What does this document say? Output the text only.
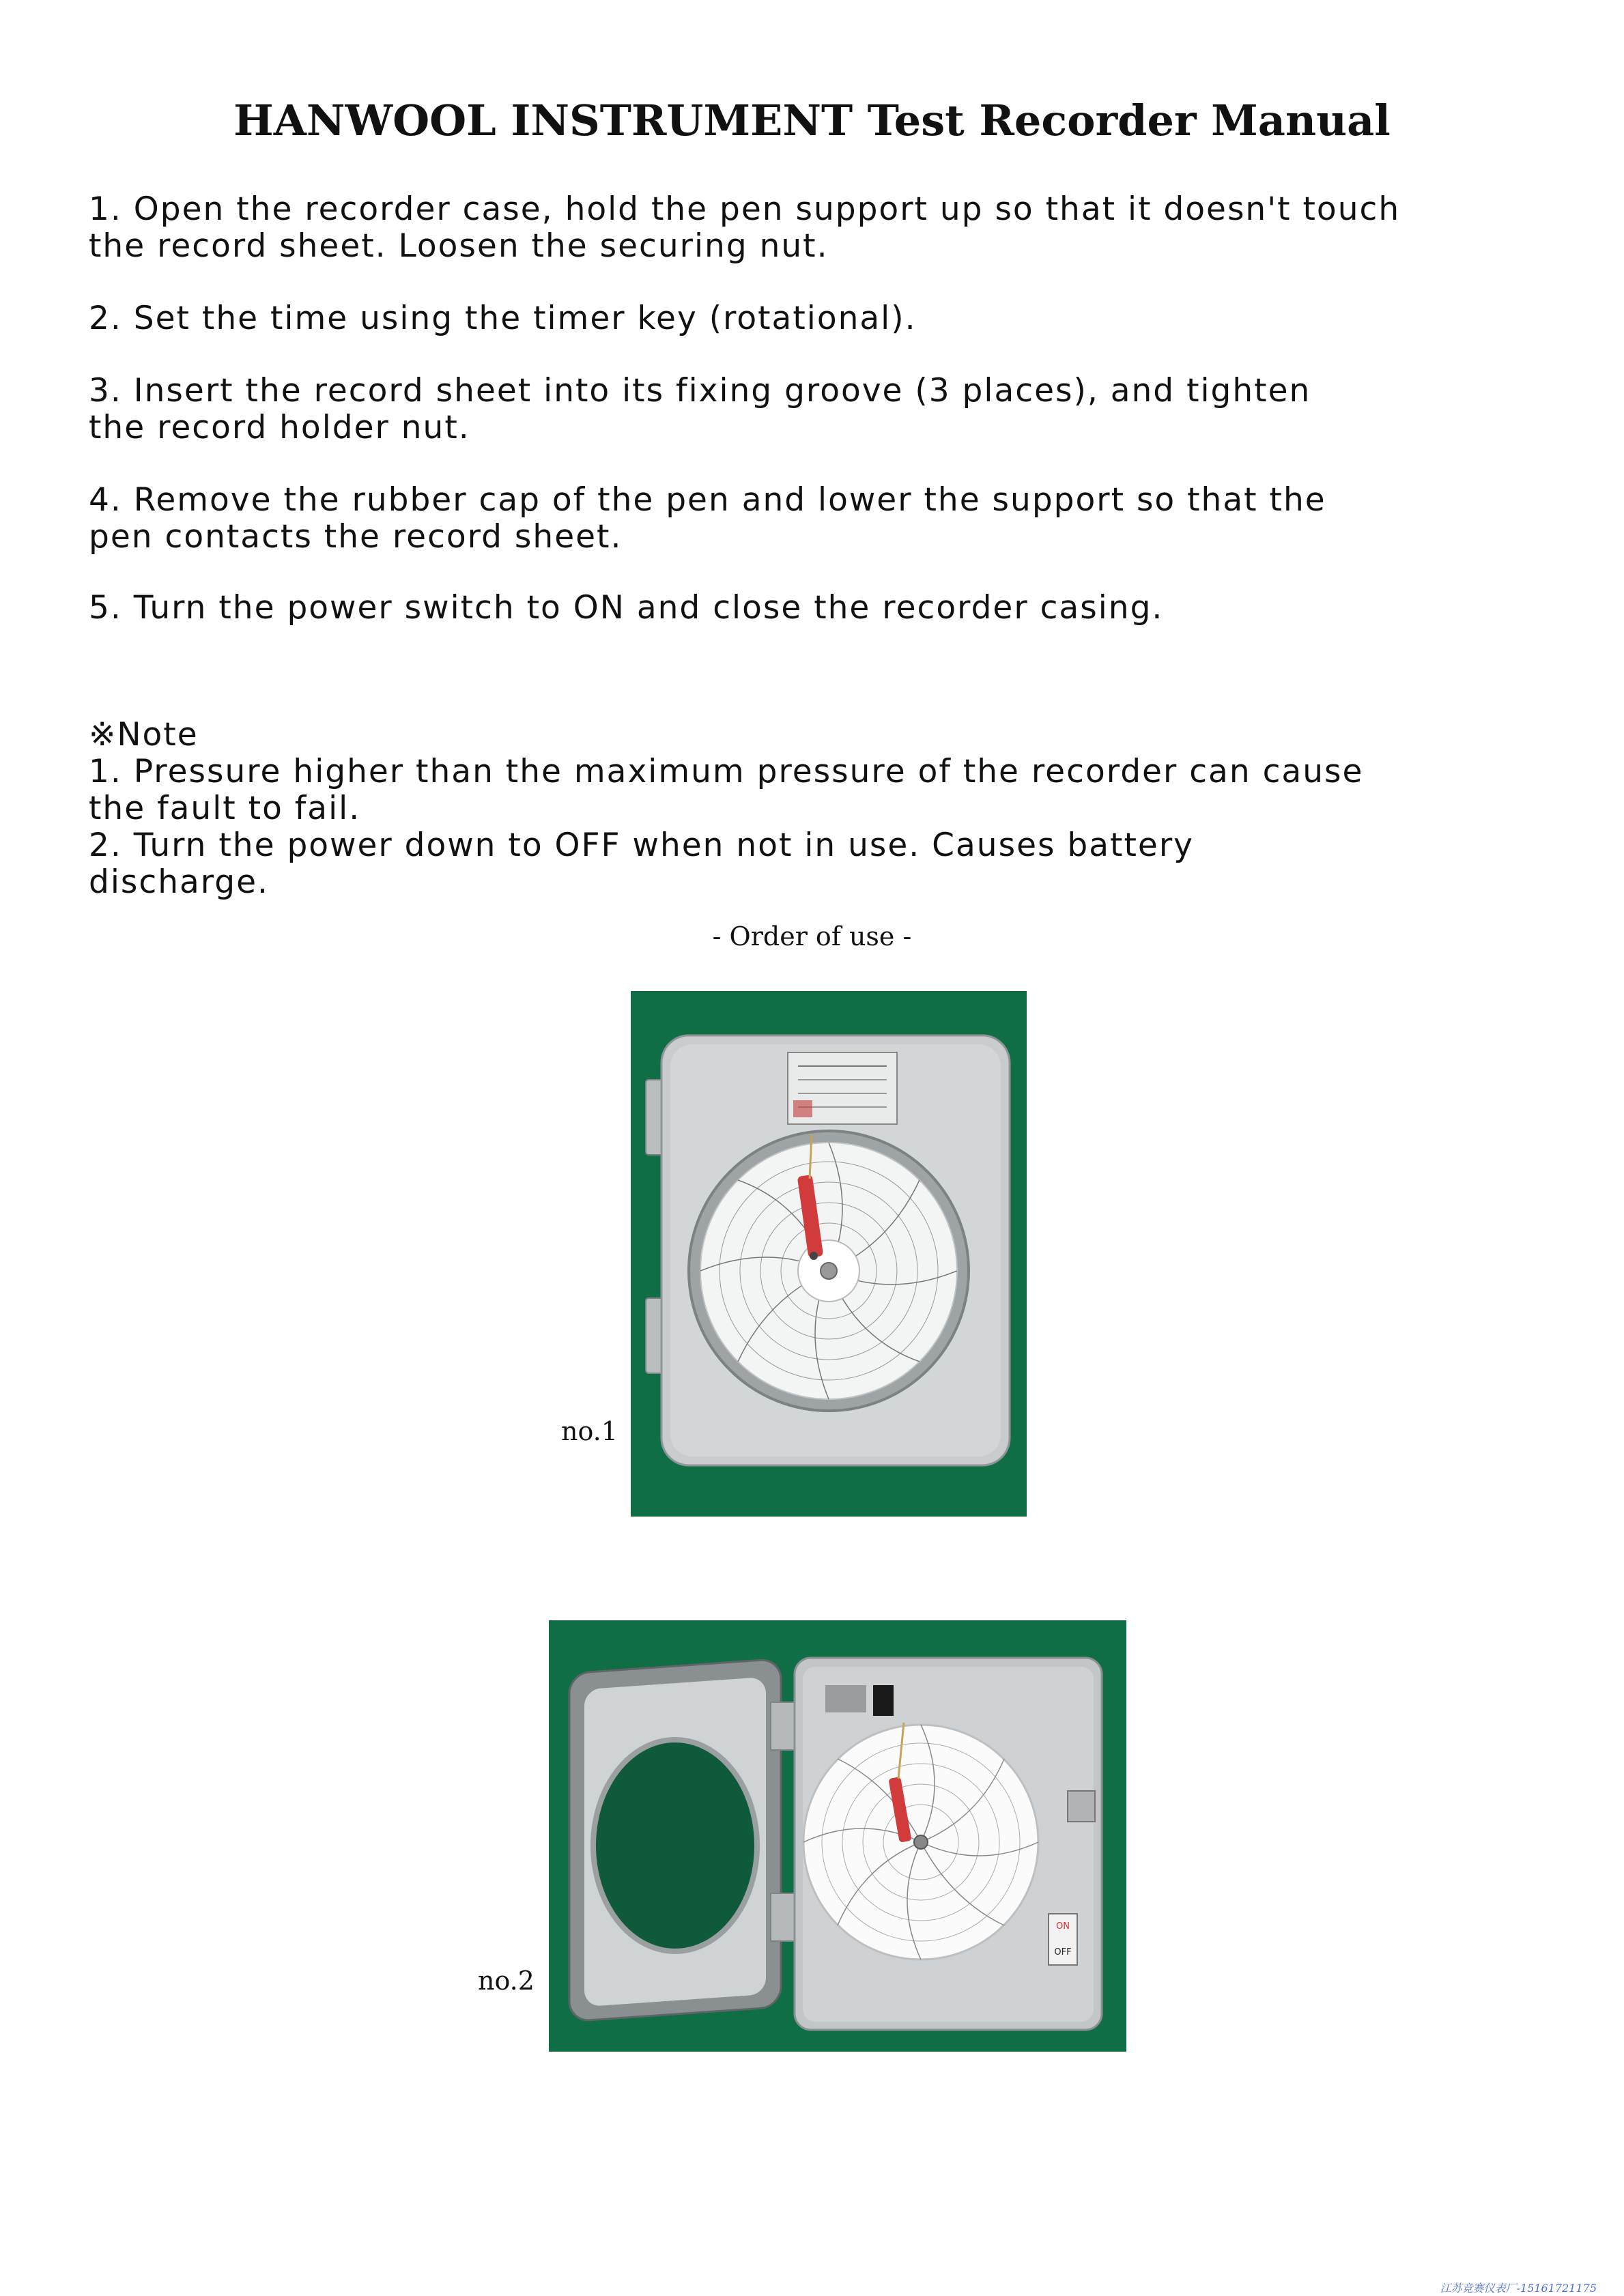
HANWOOL INSTRUMENT Test Recorder Manual
1. Open the recorder case, hold the pen support up so that it doesn't touch
the record sheet. Loosen the securing nut.
2. Set the time using the timer key (rotational).
3. Insert the record sheet into its fixing groove (3 places), and tighten
the record holder nut.
4. Remove the rubber cap of the pen and lower the support so that the
pen contacts the record sheet.
5. Turn the power switch to ON and close the recorder casing.
※Note
1. Pressure higher than the maximum pressure of the recorder can cause
the fault to fail.
2. Turn the power down to OFF when not in use. Causes battery
discharge.
- Order of use -
no.1
no.2
ON
OFF
江苏竞赛仪表厂-15161721175
